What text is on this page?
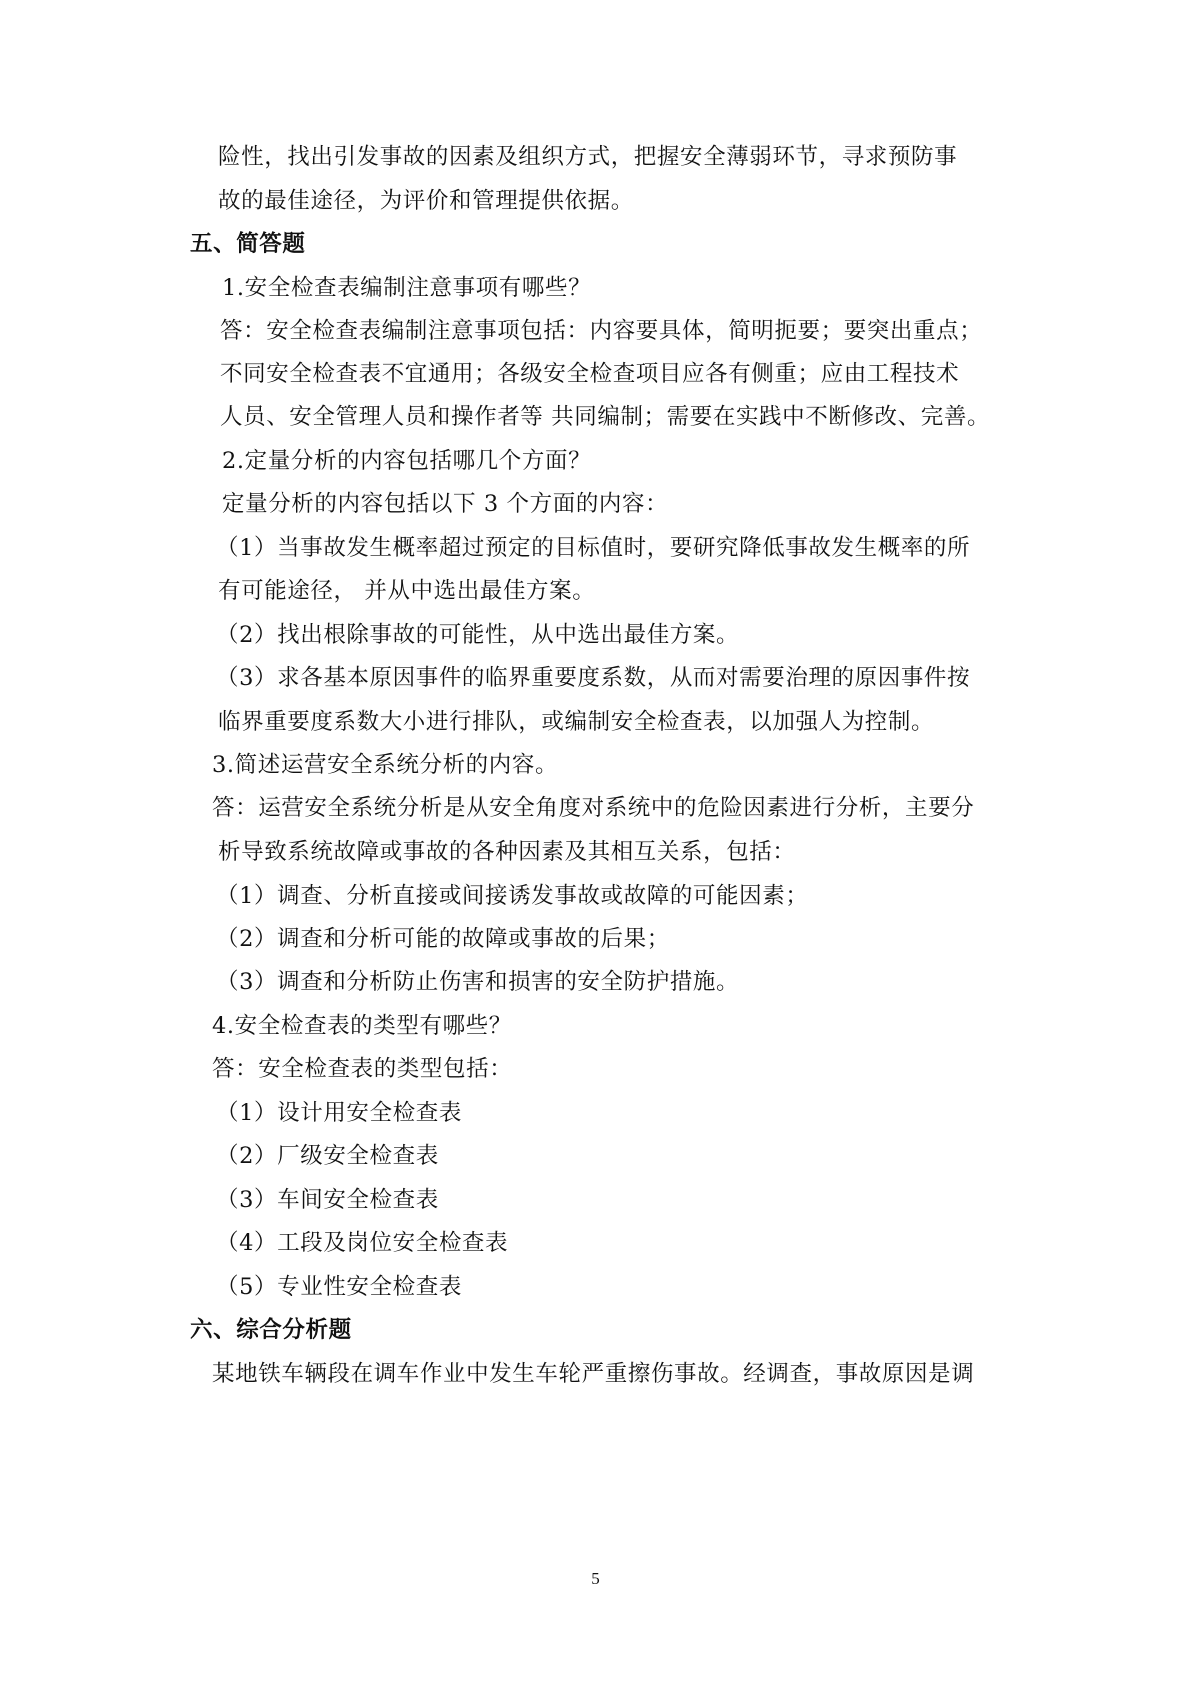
险性，找出引发事故的因素及组织方式，把握安全薄弱环节，寻求预防事
故的最佳途径，为评价和管理提供依据。
五、简答题
1.安全检查表编制注意事项有哪些？
答：安全检查表编制注意事项包括：内容要具体，简明扼要；要突出重点；
不同安全检查表不宜通用；各级安全检查项目应各有侧重；应由工程技术
人员、安全管理人员和操作者等 共同编制；需要在实践中不断修改、完善。
2.定量分析的内容包括哪几个方面？
定量分析的内容包括以下 3 个方面的内容：
（1）当事故发生概率超过预定的目标值时，要研究降低事故发生概率的所
有可能途径， 并从中选出最佳方案。
（2）找出根除事故的可能性，从中选出最佳方案。
（3）求各基本原因事件的临界重要度系数，从而对需要治理的原因事件按
临界重要度系数大小进行排队，或编制安全检查表，以加强人为控制。
3.简述运营安全系统分析的内容。
答：运营安全系统分析是从安全角度对系统中的危险因素进行分析，主要分
析导致系统故障或事故的各种因素及其相互关系，包括：
（1）调查、分析直接或间接诱发事故或故障的可能因素；
（2）调查和分析可能的故障或事故的后果；
（3）调查和分析防止伤害和损害的安全防护措施。
4.安全检查表的类型有哪些？
答：安全检查表的类型包括：
（1）设计用安全检查表
（2）厂级安全检查表
（3）车间安全检查表
（4）工段及岗位安全检查表
（5）专业性安全检查表
六、综合分析题
某地铁车辆段在调车作业中发生车轮严重擦伤事故。经调查，事故原因是调
5
